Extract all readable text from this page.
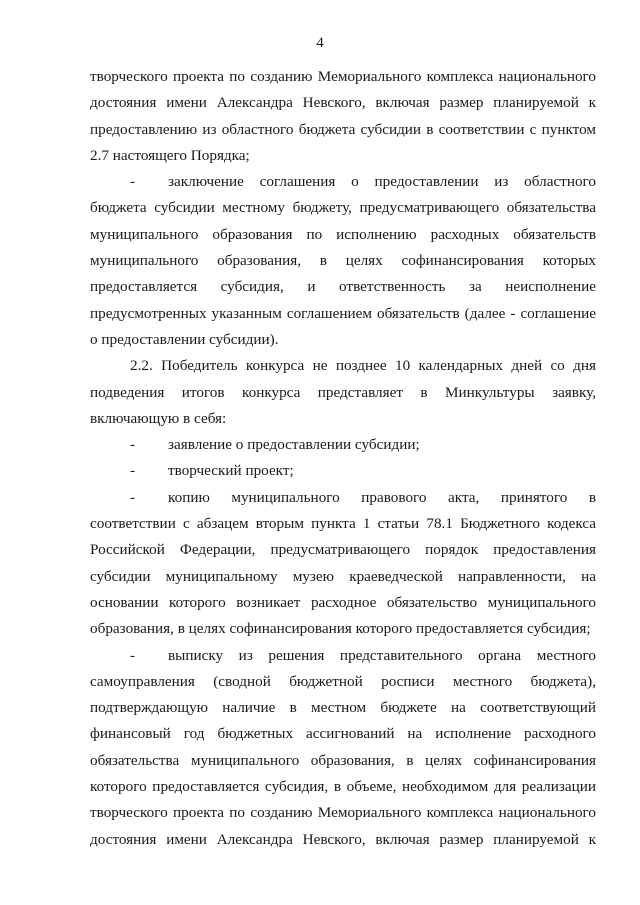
4
творческого проекта по созданию Мемориального комплекса национального
достояния имени Александра Невского, включая размер планируемой к
предоставлению из областного бюджета субсидии в соответствии с пунктом
2.7 настоящего Порядка;
- заключение соглашения о предоставлении из областного
бюджета субсидии местному бюджету, предусматривающего обязательства
муниципального образования по исполнению расходных обязательств
муниципального образования, в целях софинансирования которых
предоставляется субсидия, и ответственность за неисполнение
предусмотренных указанным соглашением обязательств (далее - соглашение
о предоставлении субсидии).
2.2. Победитель конкурса не позднее 10 календарных дней со дня
подведения итогов конкурса представляет в Минкультуры заявку,
включающую в себя:
- заявление о предоставлении субсидии;
- творческий проект;
- копию муниципального правового акта, принятого в
соответствии с абзацем вторым пункта 1 статьи 78.1 Бюджетного кодекса
Российской Федерации, предусматривающего порядок предоставления
субсидии муниципальному музею краеведческой направленности, на
основании которого возникает расходное обязательство муниципального
образования, в целях софинансирования которого предоставляется субсидия;
- выписку из решения представительного органа местного
самоуправления (сводной бюджетной росписи местного бюджета),
подтверждающую наличие в местном бюджете на соответствующий
финансовый год бюджетных ассигнований на исполнение расходного
обязательства муниципального образования, в целях софинансирования
которого предоставляется субсидия, в объеме, необходимом для реализации
творческого проекта по созданию Мемориального комплекса национального
достояния имени Александра Невского, включая размер планируемой к
